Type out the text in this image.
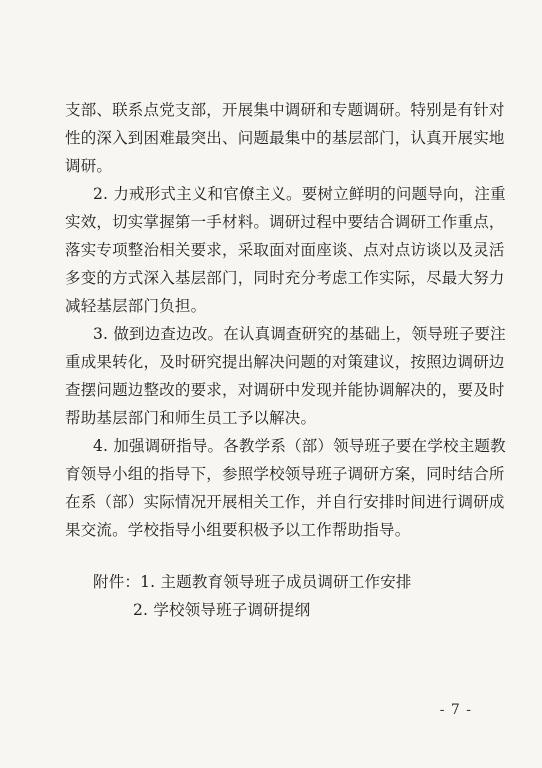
支部、联系点党支部，开展集中调研和专题调研。特别是有针对
性的深入到困难最突出、问题最集中的基层部门，认真开展实地
调研。
2. 力戒形式主义和官僚主义。要树立鲜明的问题导向，注重
实效，切实掌握第一手材料。调研过程中要结合调研工作重点，
落实专项整治相关要求，采取面对面座谈、点对点访谈以及灵活
多变的方式深入基层部门，同时充分考虑工作实际，尽最大努力
减轻基层部门负担。
3. 做到边查边改。在认真调查研究的基础上，领导班子要注
重成果转化，及时研究提出解决问题的对策建议，按照边调研边
查摆问题边整改的要求，对调研中发现并能协调解决的，要及时
帮助基层部门和师生员工予以解决。
4. 加强调研指导。各教学系（部）领导班子要在学校主题教
育领导小组的指导下，参照学校领导班子调研方案，同时结合所
在系（部）实际情况开展相关工作，并自行安排时间进行调研成
果交流。学校指导小组要积极予以工作帮助指导。
附件：1. 主题教育领导班子成员调研工作安排
2. 学校领导班子调研提纲
- 7 -
